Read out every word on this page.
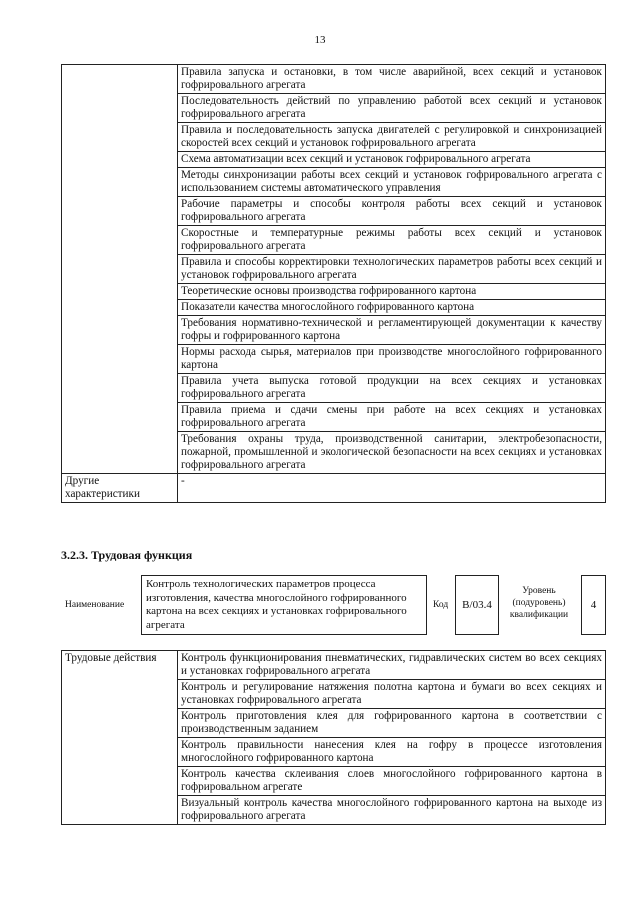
13
	Правила запуска и остановки, в том числе аварийной, всех секций и установок гофрировального агрегата
	Последовательность действий по управлению работой всех секций и установок гофрировального агрегата
	Правила и последовательность запуска двигателей с регулировкой и синхронизацией скоростей всех секций и установок гофрировального агрегата
	Схема автоматизации всех секций и установок гофрировального агрегата
	Методы синхронизации работы всех секций и установок гофрировального агрегата с использованием системы автоматического управления
	Рабочие параметры и способы контроля работы всех секций и установок гофрировального агрегата
	Скоростные и температурные режимы работы всех секций и установок гофрировального агрегата
	Правила и способы корректировки технологических параметров работы всех секций и установок гофрировального агрегата
	Теоретические основы производства гофрированного картона
	Показатели качества многослойного гофрированного картона
	Требования нормативно-технической и регламентирующей документации к качеству гофры и гофрированного картона
	Нормы расхода сырья, материалов при производстве многослойного гофрированного картона
	Правила учета выпуска готовой продукции на всех секциях и установках гофрировального агрегата
	Правила приема и сдачи смены при работе на всех секциях и установках гофрировального агрегата
	Требования охраны труда, производственной санитарии, электробезопасности, пожарной, промышленной и экологической безопасности на всех секциях и установках гофрировального агрегата
Другие характеристики	-
3.2.3. Трудовая функция
Наименование
Контроль технологических параметров процесса изготовления, качества многослойного гофрированного картона на всех секциях и установках гофрировального агрегата
Код	B/03.4
Уровень (подуровень) квалификации
4
Трудовые действия	Контроль функционирования пневматических, гидравлических систем во всех секциях и установках гофрировального агрегата
Контроль и регулирование натяжения полотна картона и бумаги во всех секциях и установках гофрировального агрегата
Контроль приготовления клея для гофрированного картона в соответствии с производственным заданием
Контроль правильности нанесения клея на гофру в процессе изготовления многослойного гофрированного картона
Контроль качества склеивания слоев многослойного гофрированного картона в гофрировальном агрегате
Визуальный контроль качества многослойного гофрированного картона на выходе из гофрировального агрегата
